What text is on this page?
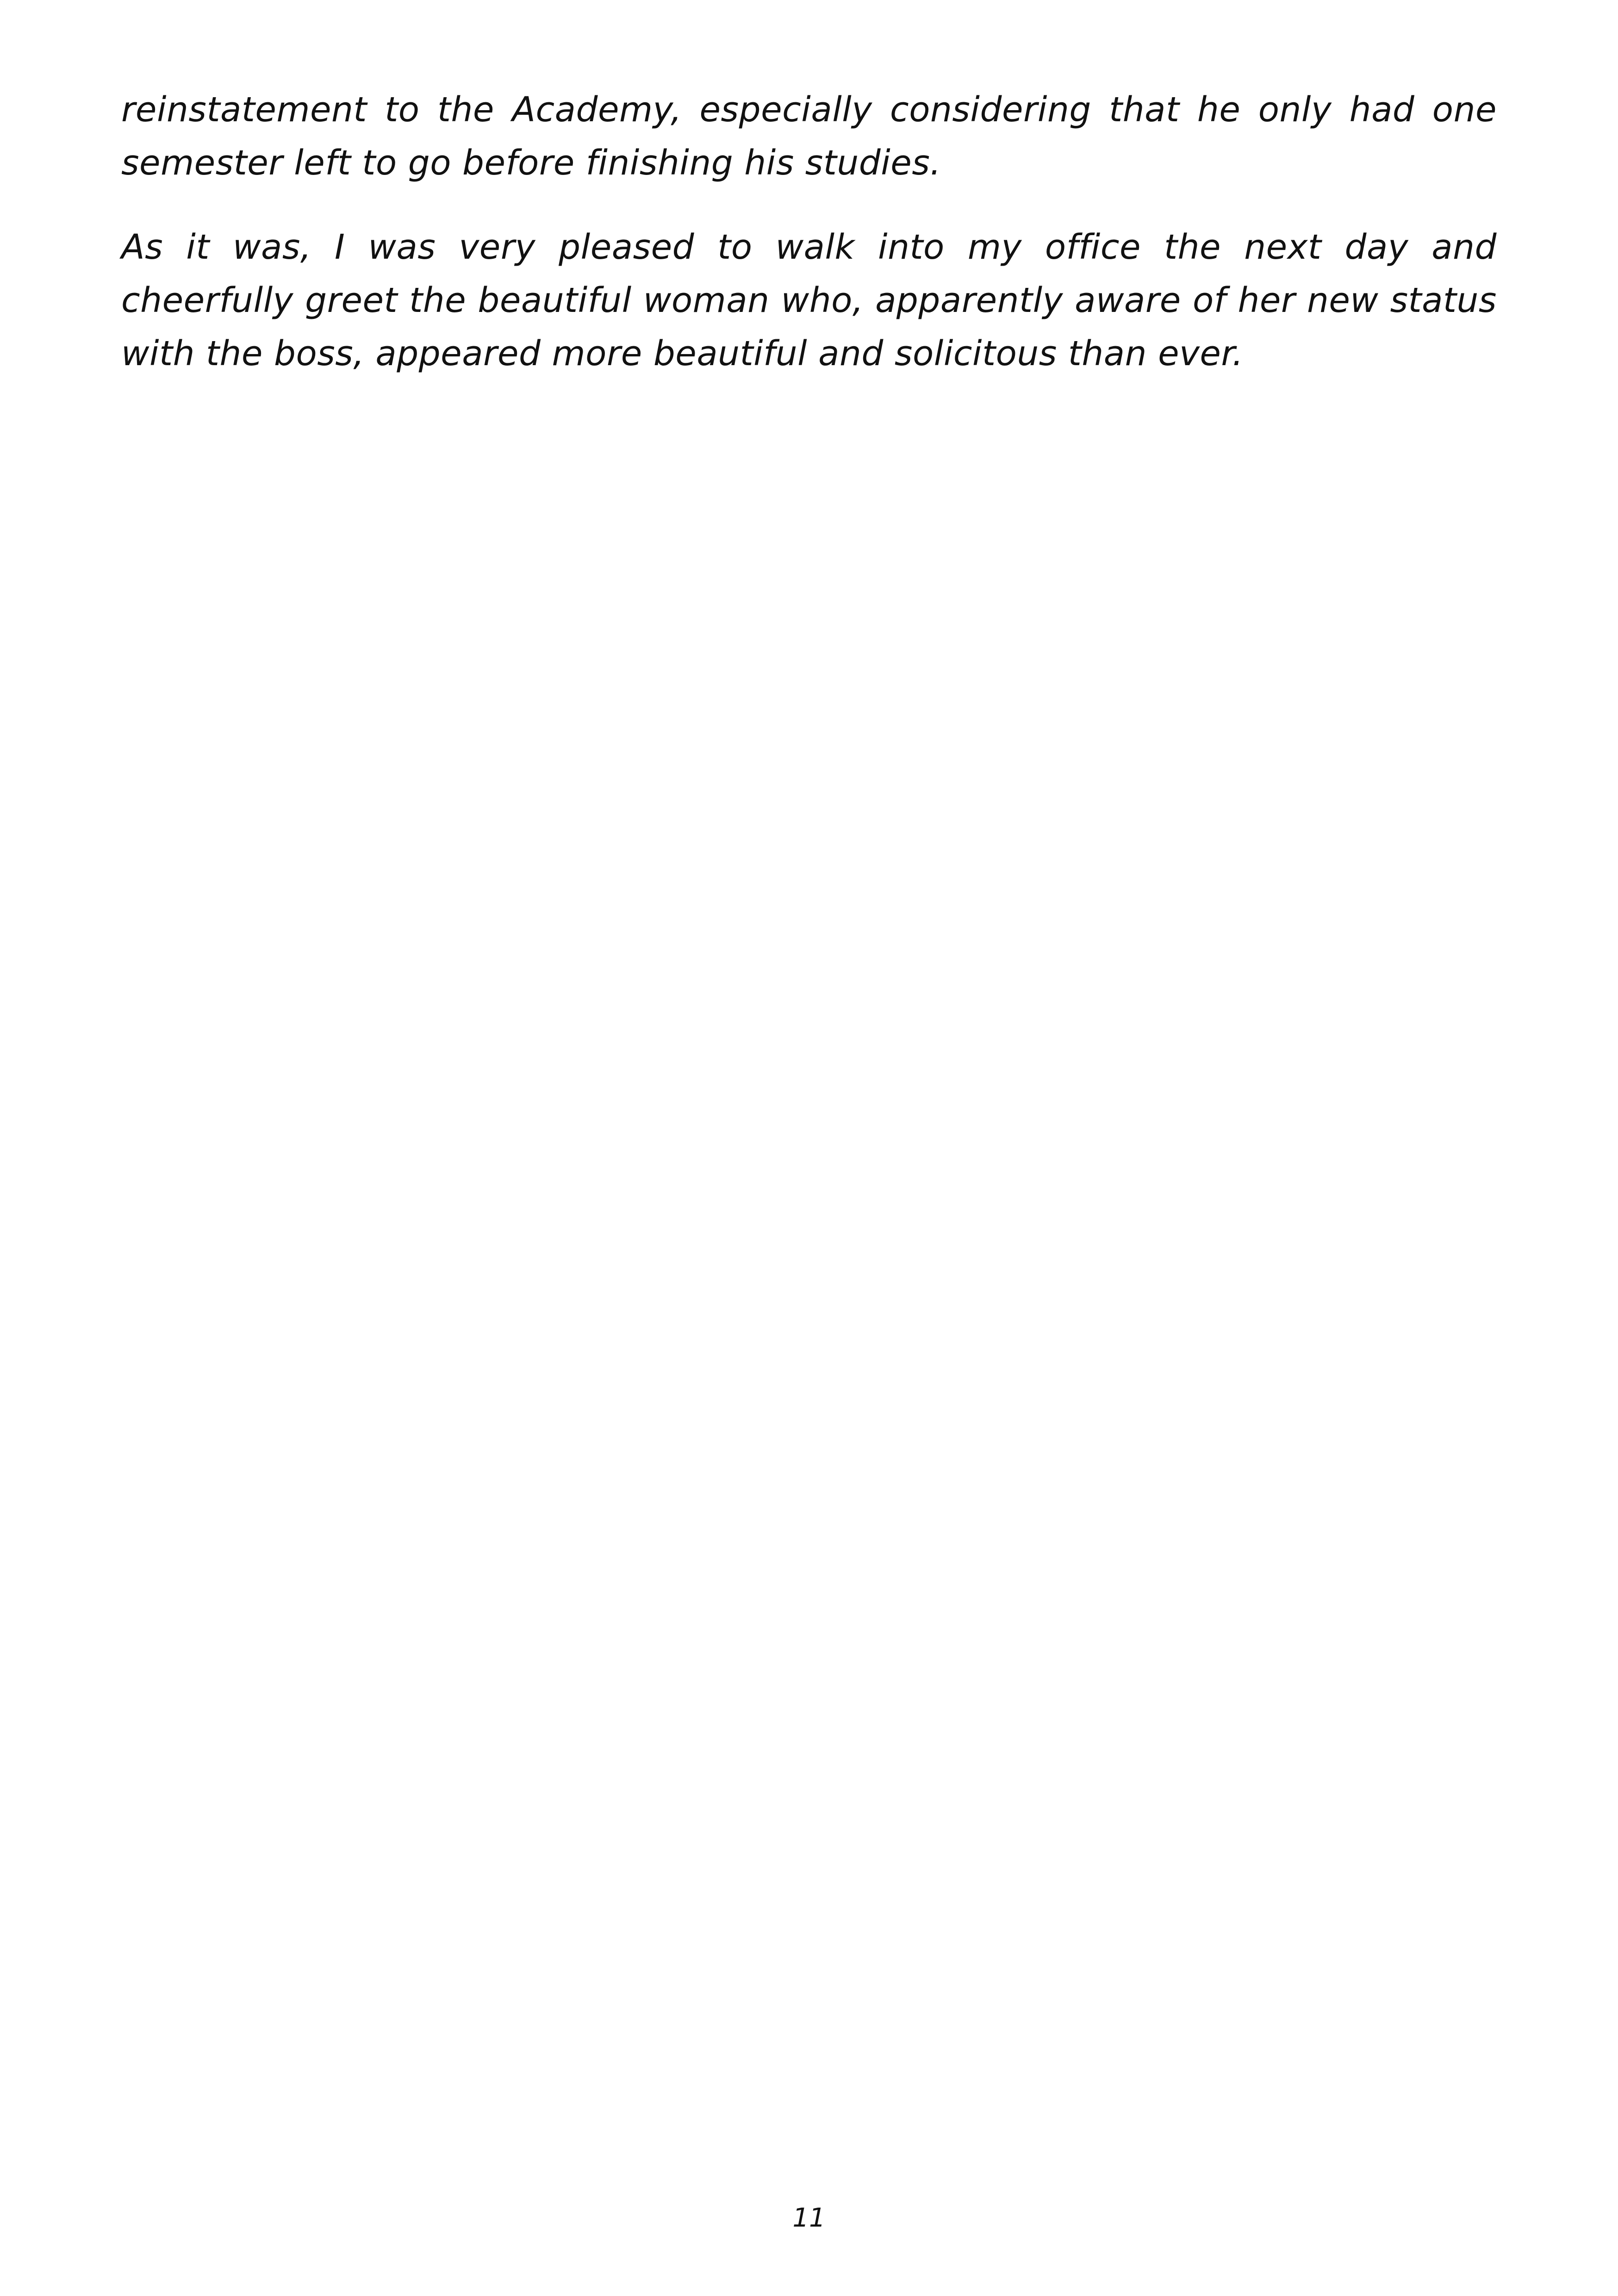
reinstatement to the Academy, especially considering that he only had one semester left to go before finishing his studies.

As it was, I was very pleased to walk into my office the next day and cheerfully greet the beautiful woman who, apparently aware of her new status with the boss, appeared more beautiful and solicitous than ever.

11
